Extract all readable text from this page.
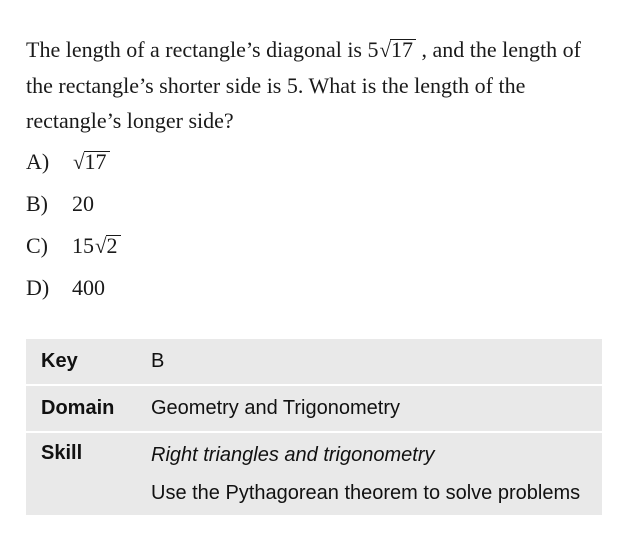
The length of a rectangle’s diagonal is 5√17 , and the length of the rectangle’s shorter side is 5. What is the length of the rectangle’s longer side?

A)	√17
B)	20
C)	15√2
D)	400
Key	B
Domain	Geometry and Trigonometry
Skill	Right triangles and trigonometry
Use the Pythagorean theorem to solve problems
